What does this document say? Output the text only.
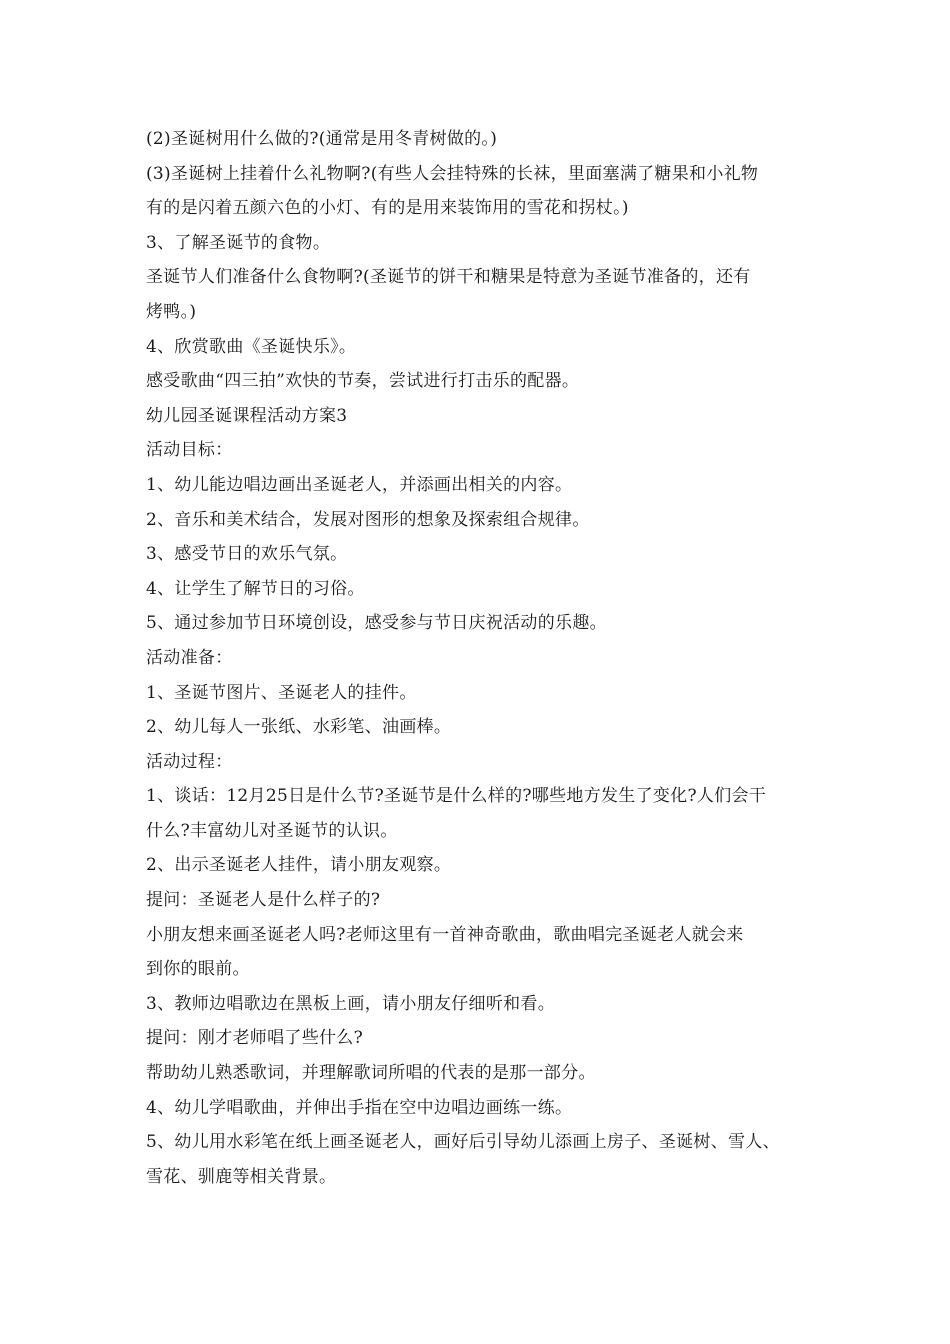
(2)圣诞树用什么做的?(通常是用冬青树做的。)
(3)圣诞树上挂着什么礼物啊?(有些人会挂特殊的长袜，里面塞满了糖果和小礼物
有的是闪着五颜六色的小灯、有的是用来装饰用的雪花和拐杖。)
3、了解圣诞节的食物。
圣诞节人们准备什么食物啊?(圣诞节的饼干和糖果是特意为圣诞节准备的，还有
烤鸭。)
4、欣赏歌曲《圣诞快乐》。
感受歌曲“四三拍”欢快的节奏，尝试进行打击乐的配器。
幼儿园圣诞课程活动方案3
活动目标：
1、幼儿能边唱边画出圣诞老人，并添画出相关的内容。
2、音乐和美术结合，发展对图形的想象及探索组合规律。
3、感受节日的欢乐气氛。
4、让学生了解节日的习俗。
5、通过参加节日环境创设，感受参与节日庆祝活动的乐趣。
活动准备：
1、圣诞节图片、圣诞老人的挂件。
2、幼儿每人一张纸、水彩笔、油画棒。
活动过程：
1、谈话：12月25日是什么节?圣诞节是什么样的?哪些地方发生了变化?人们会干
什么?丰富幼儿对圣诞节的认识。
2、出示圣诞老人挂件，请小朋友观察。
提问：圣诞老人是什么样子的?
小朋友想来画圣诞老人吗?老师这里有一首神奇歌曲，歌曲唱完圣诞老人就会来
到你的眼前。
3、教师边唱歌边在黑板上画，请小朋友仔细听和看。
提问：刚才老师唱了些什么?
帮助幼儿熟悉歌词，并理解歌词所唱的代表的是那一部分。
4、幼儿学唱歌曲，并伸出手指在空中边唱边画练一练。
5、幼儿用水彩笔在纸上画圣诞老人，画好后引导幼儿添画上房子、圣诞树、雪人、
雪花、驯鹿等相关背景。
